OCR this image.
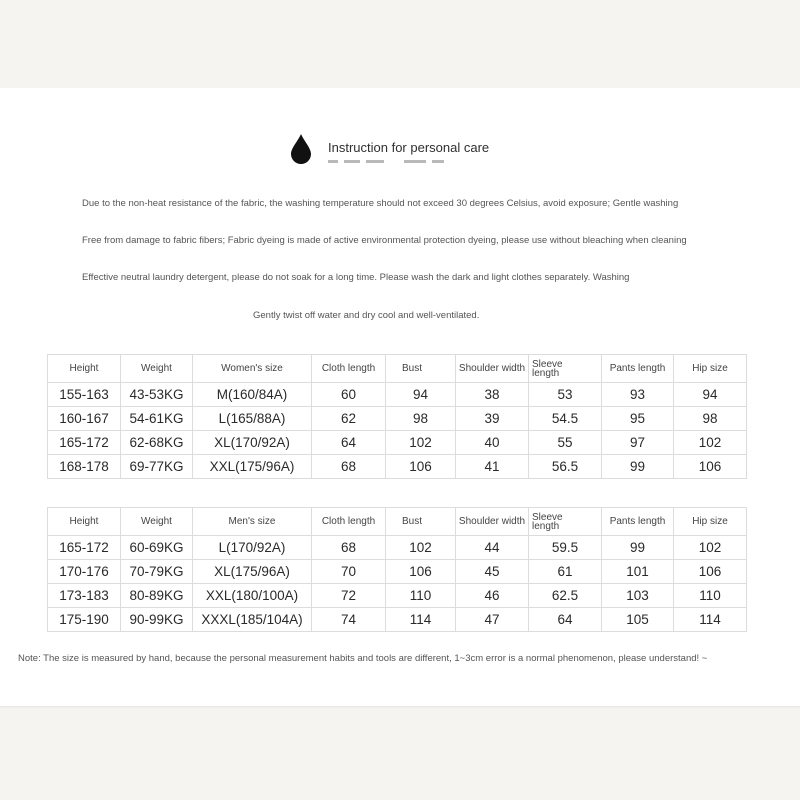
Instruction for personal care
Due to the non-heat resistance of the fabric, the washing temperature should not exceed 30 degrees Celsius, avoid exposure; Gentle washing
Free from damage to fabric fibers; Fabric dyeing is made of active environmental protection dyeing, please use without bleaching when cleaning
Effective neutral laundry detergent, please do not soak for a long time. Please wash the dark and light clothes separately. Washing
Gently twist off water and dry cool and well-ventilated.
Height	Weight	Women's size	Cloth length	Bust	Shoulder width	Sleeve length	Pants length	Hip size
155-163	43-53KG	M(160/84A)	60	94	38	53	93	94
160-167	54-61KG	L(165/88A)	62	98	39	54.5	95	98
165-172	62-68KG	XL(170/92A)	64	102	40	55	97	102
168-178	69-77KG	XXL(175/96A)	68	106	41	56.5	99	106
Height	Weight	Men's size	Cloth length	Bust	Shoulder width	Sleeve length	Pants length	Hip size
165-172	60-69KG	L(170/92A)	68	102	44	59.5	99	102
170-176	70-79KG	XL(175/96A)	70	106	45	61	101	106
173-183	80-89KG	XXL(180/100A)	72	110	46	62.5	103	110
175-190	90-99KG	XXXL(185/104A)	74	114	47	64	105	114
Note: The size is measured by hand, because the personal measurement habits and tools are different, 1~3cm error is a normal phenomenon, please understand! ~
